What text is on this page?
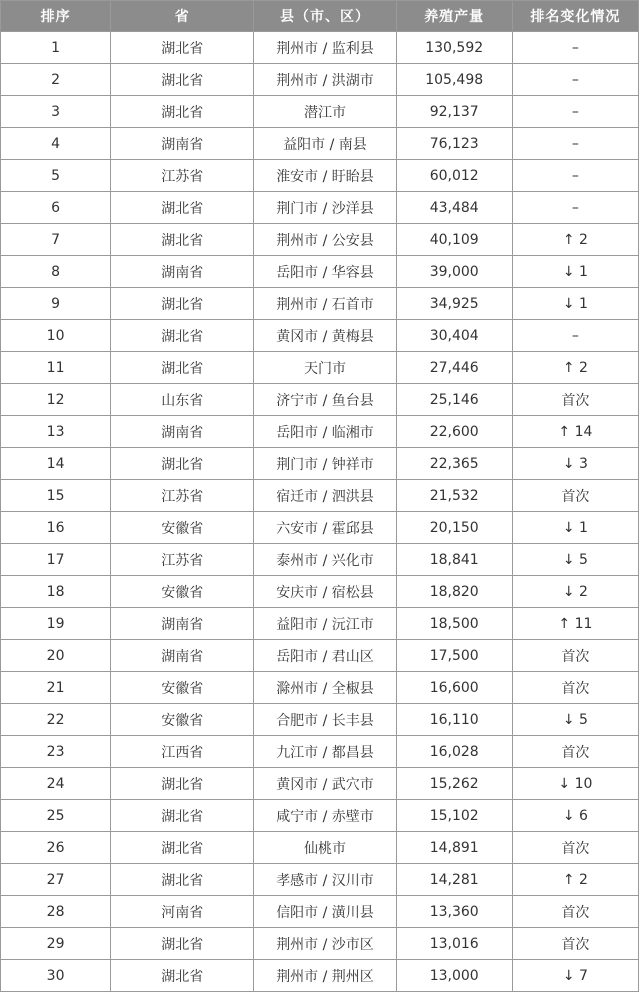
排序	省	县（市、区）	养殖产量	排名变化情况
1	湖北省	荆州市 / 监利县	130,592	–
2	湖北省	荆州市 / 洪湖市	105,498	–
3	湖北省	潜江市	92,137	–
4	湖南省	益阳市 / 南县	76,123	–
5	江苏省	淮安市 / 盱眙县	60,012	–
6	湖北省	荆门市 / 沙洋县	43,484	–
7	湖北省	荆州市 / 公安县	40,109	↑ 2
8	湖南省	岳阳市 / 华容县	39,000	↓ 1
9	湖北省	荆州市 / 石首市	34,925	↓ 1
10	湖北省	黄冈市 / 黄梅县	30,404	–
11	湖北省	天门市	27,446	↑ 2
12	山东省	济宁市 / 鱼台县	25,146	首次
13	湖南省	岳阳市 / 临湘市	22,600	↑ 14
14	湖北省	荆门市 / 钟祥市	22,365	↓ 3
15	江苏省	宿迁市 / 泗洪县	21,532	首次
16	安徽省	六安市 / 霍邱县	20,150	↓ 1
17	江苏省	泰州市 / 兴化市	18,841	↓ 5
18	安徽省	安庆市 / 宿松县	18,820	↓ 2
19	湖南省	益阳市 / 沅江市	18,500	↑ 11
20	湖南省	岳阳市 / 君山区	17,500	首次
21	安徽省	滁州市 / 全椒县	16,600	首次
22	安徽省	合肥市 / 长丰县	16,110	↓ 5
23	江西省	九江市 / 都昌县	16,028	首次
24	湖北省	黄冈市 / 武穴市	15,262	↓ 10
25	湖北省	咸宁市 / 赤壁市	15,102	↓ 6
26	湖北省	仙桃市	14,891	首次
27	湖北省	孝感市 / 汉川市	14,281	↑ 2
28	河南省	信阳市 / 潢川县	13,360	首次
29	湖北省	荆州市 / 沙市区	13,016	首次
30	湖北省	荆州市 / 荆州区	13,000	↓ 7
